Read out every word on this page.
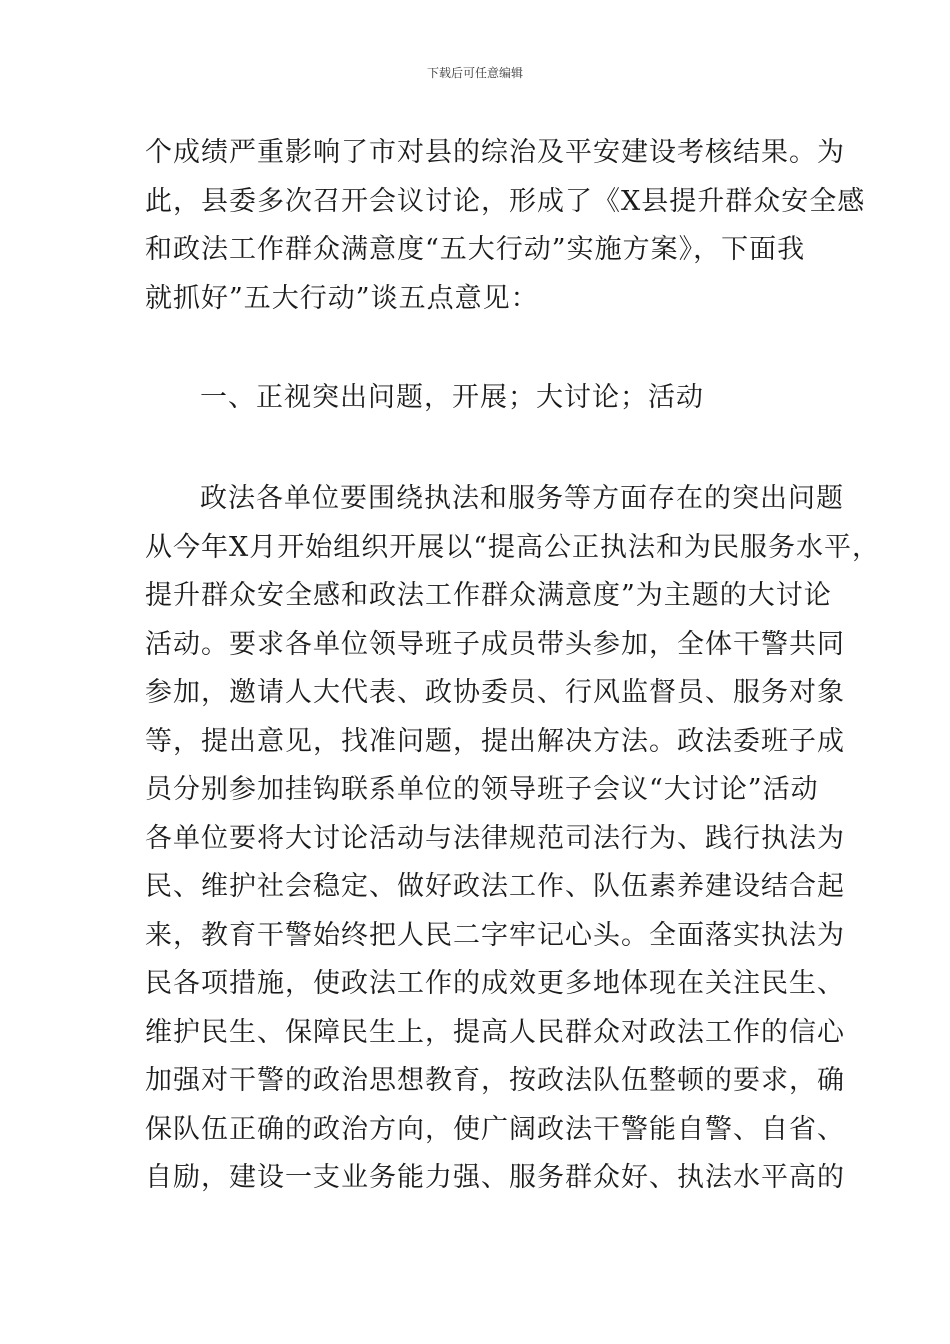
下载后可任意编辑
个成绩严重影响了市对县的综治及平安建设考核结果。为
此，县委多次召开会议讨论，形成了《X县提升群众安全感
和政法工作群众满意度“五大行动”实施方案》，下面我
就抓好”五大行动”谈五点意见：
一、正视突出问题，开展；大讨论；活动
政法各单位要围绕执法和服务等方面存在的突出问题
从今年X月开始组织开展以“提高公正执法和为民服务水平，
提升群众安全感和政法工作群众满意度”为主题的大讨论
活动。要求各单位领导班子成员带头参加，全体干警共同
参加，邀请人大代表、政协委员、行风监督员、服务对象
等，提出意见，找准问题，提出解决方法。政法委班子成
员分别参加挂钩联系单位的领导班子会议“大讨论”活动
各单位要将大讨论活动与法律规范司法行为、践行执法为
民、维护社会稳定、做好政法工作、队伍素养建设结合起
来，教育干警始终把人民二字牢记心头。全面落实执法为
民各项措施，使政法工作的成效更多地体现在关注民生、
维护民生、保障民生上，提高人民群众对政法工作的信心
加强对干警的政治思想教育，按政法队伍整顿的要求，确
保队伍正确的政治方向，使广阔政法干警能自警、自省、
自励，建设一支业务能力强、服务群众好、执法水平高的
